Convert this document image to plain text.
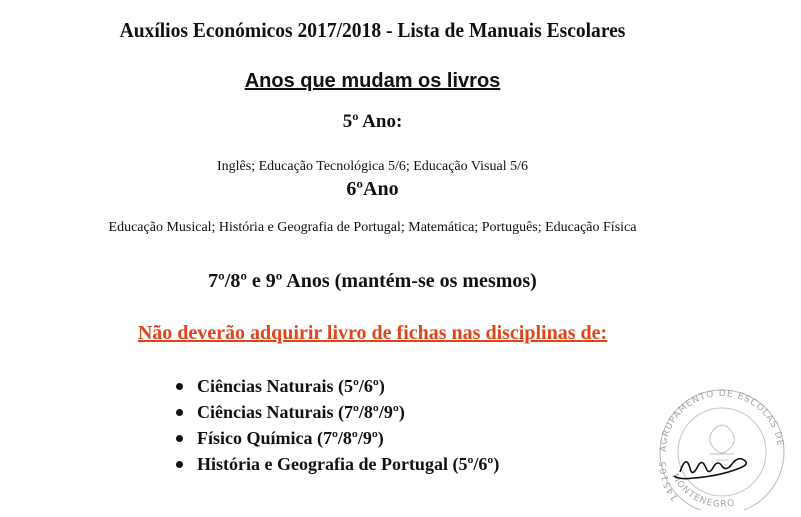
Auxílios Económicos 2017/2018 - Lista de Manuais Escolares
Anos que mudam os livros
5º Ano:
Inglês; Educação Tecnológica 5/6; Educação Visual 5/6
6ºAno
Educação Musical; História e Geografia de Portugal; Matemática; Português; Educação Física
7º/8º e 9º Anos (mantém-se os mesmos)
Não deverão adquirir livro de fichas nas disciplinas de:
Ciências Naturais (5º/6º)
Ciências Naturais (7º/8º/9º)
Físico Química (7º/8º/9º)
História e Geografia de Portugal (5º/6º)
AGRUPAMENTO DE ESCOLAS DE
MONTENEGRO
145105
